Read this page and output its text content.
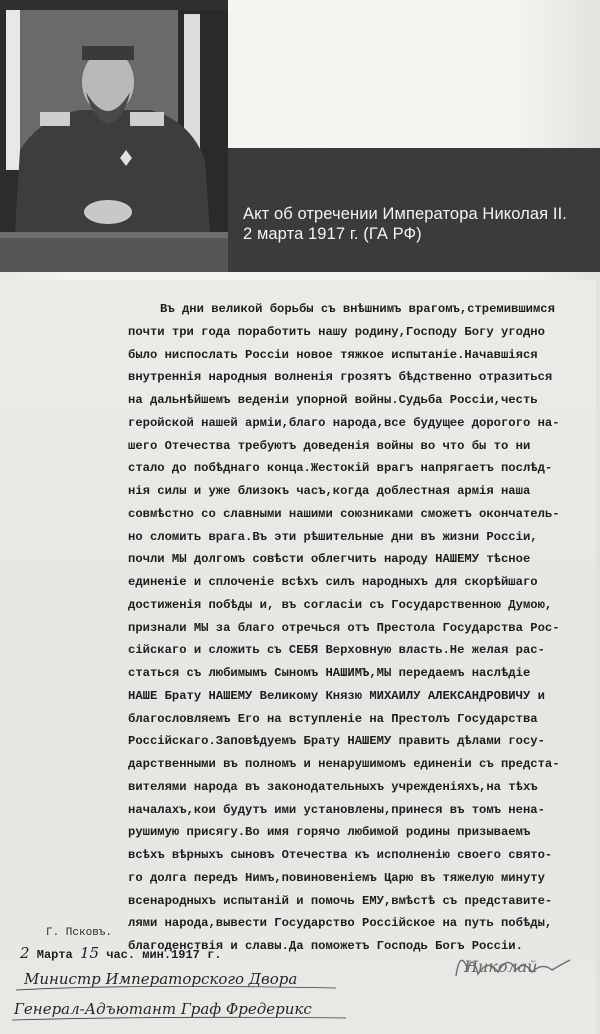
Акт об отречении Императора Николая II.
2 марта 1917 г. (ГА РФ)
Въ дни великой борьбы съ внѣшнимъ врагомъ,стремившимся
почти три года поработить нашу родину,Господу Богу угодно
было ниспослать Россіи новое тяжкое испытаніе.Начавшіяся
внутреннія народныя волненія грозятъ бѣдственно отразиться
на дальнѣйшемъ веденіи упорной войны.Судьба Россіи,честь
геройской нашей арміи,благо народа,все будущее дорогого на-
шего Отечества требуютъ доведенія войны во что бы то ни
стало до побѣднаго конца.Жестокій врагъ напрягаетъ послѣд-
нія силы и уже близокъ часъ,когда доблестная армія наша
совмѣстно со славными нашими союзниками сможетъ окончатель-
но сломить врага.Въ эти рѣшительные дни въ жизни Россіи,
почли МЫ долгомъ совѣсти облегчить народу НАШЕМУ тѣсное
единеніе и сплоченіе всѣхъ силъ народныхъ для скорѣйшаго
достиженія побѣды и, въ согласіи съ Государственною Думою,
признали МЫ за благо отречься отъ Престола Государства Рос-
сійскаго и сложить съ СЕБЯ Верховную власть.Не желая рас-
статься съ любимымъ Сыномъ НАШИМЪ,МЫ передаемъ наслѣдіе
НАШЕ Брату НАШЕМУ Великому Князю МИХАИЛУ АЛЕКСАНДРОВИЧУ и
благословляемъ Его на вступленіе на Престолъ Государства
Россійскаго.Заповѣдуемъ Брату НАШЕМУ править дѣлами госу-
дарственными въ полномъ и ненарушимомъ единеніи съ предста-
вителями народа въ законодательныхъ учрежденіяхъ,на тѣхъ
началахъ,кои будутъ ими установлены,принеся въ томъ нена-
рушимую присягу.Во имя горячо любимой родины призываемъ
всѣхъ вѣрныхъ сыновъ Отечества къ исполненію своего свято-
го долга передъ Нимъ,повиновеніемъ Царю въ тяжелую минуту
всенародныхъ испытаній и помочь ЕМУ,вмѣстѣ съ представите-
лями народа,вывести Государство Россійское на путь побѣды,
благоденствія и славы.Да поможетъ Господь Богъ Россіи.
Г. Псковъ.
2 Марта 15 час. мин.1917 г.
Министр Императорского Двора
Генерал-Адъютант Граф Фредерикс
Николай
